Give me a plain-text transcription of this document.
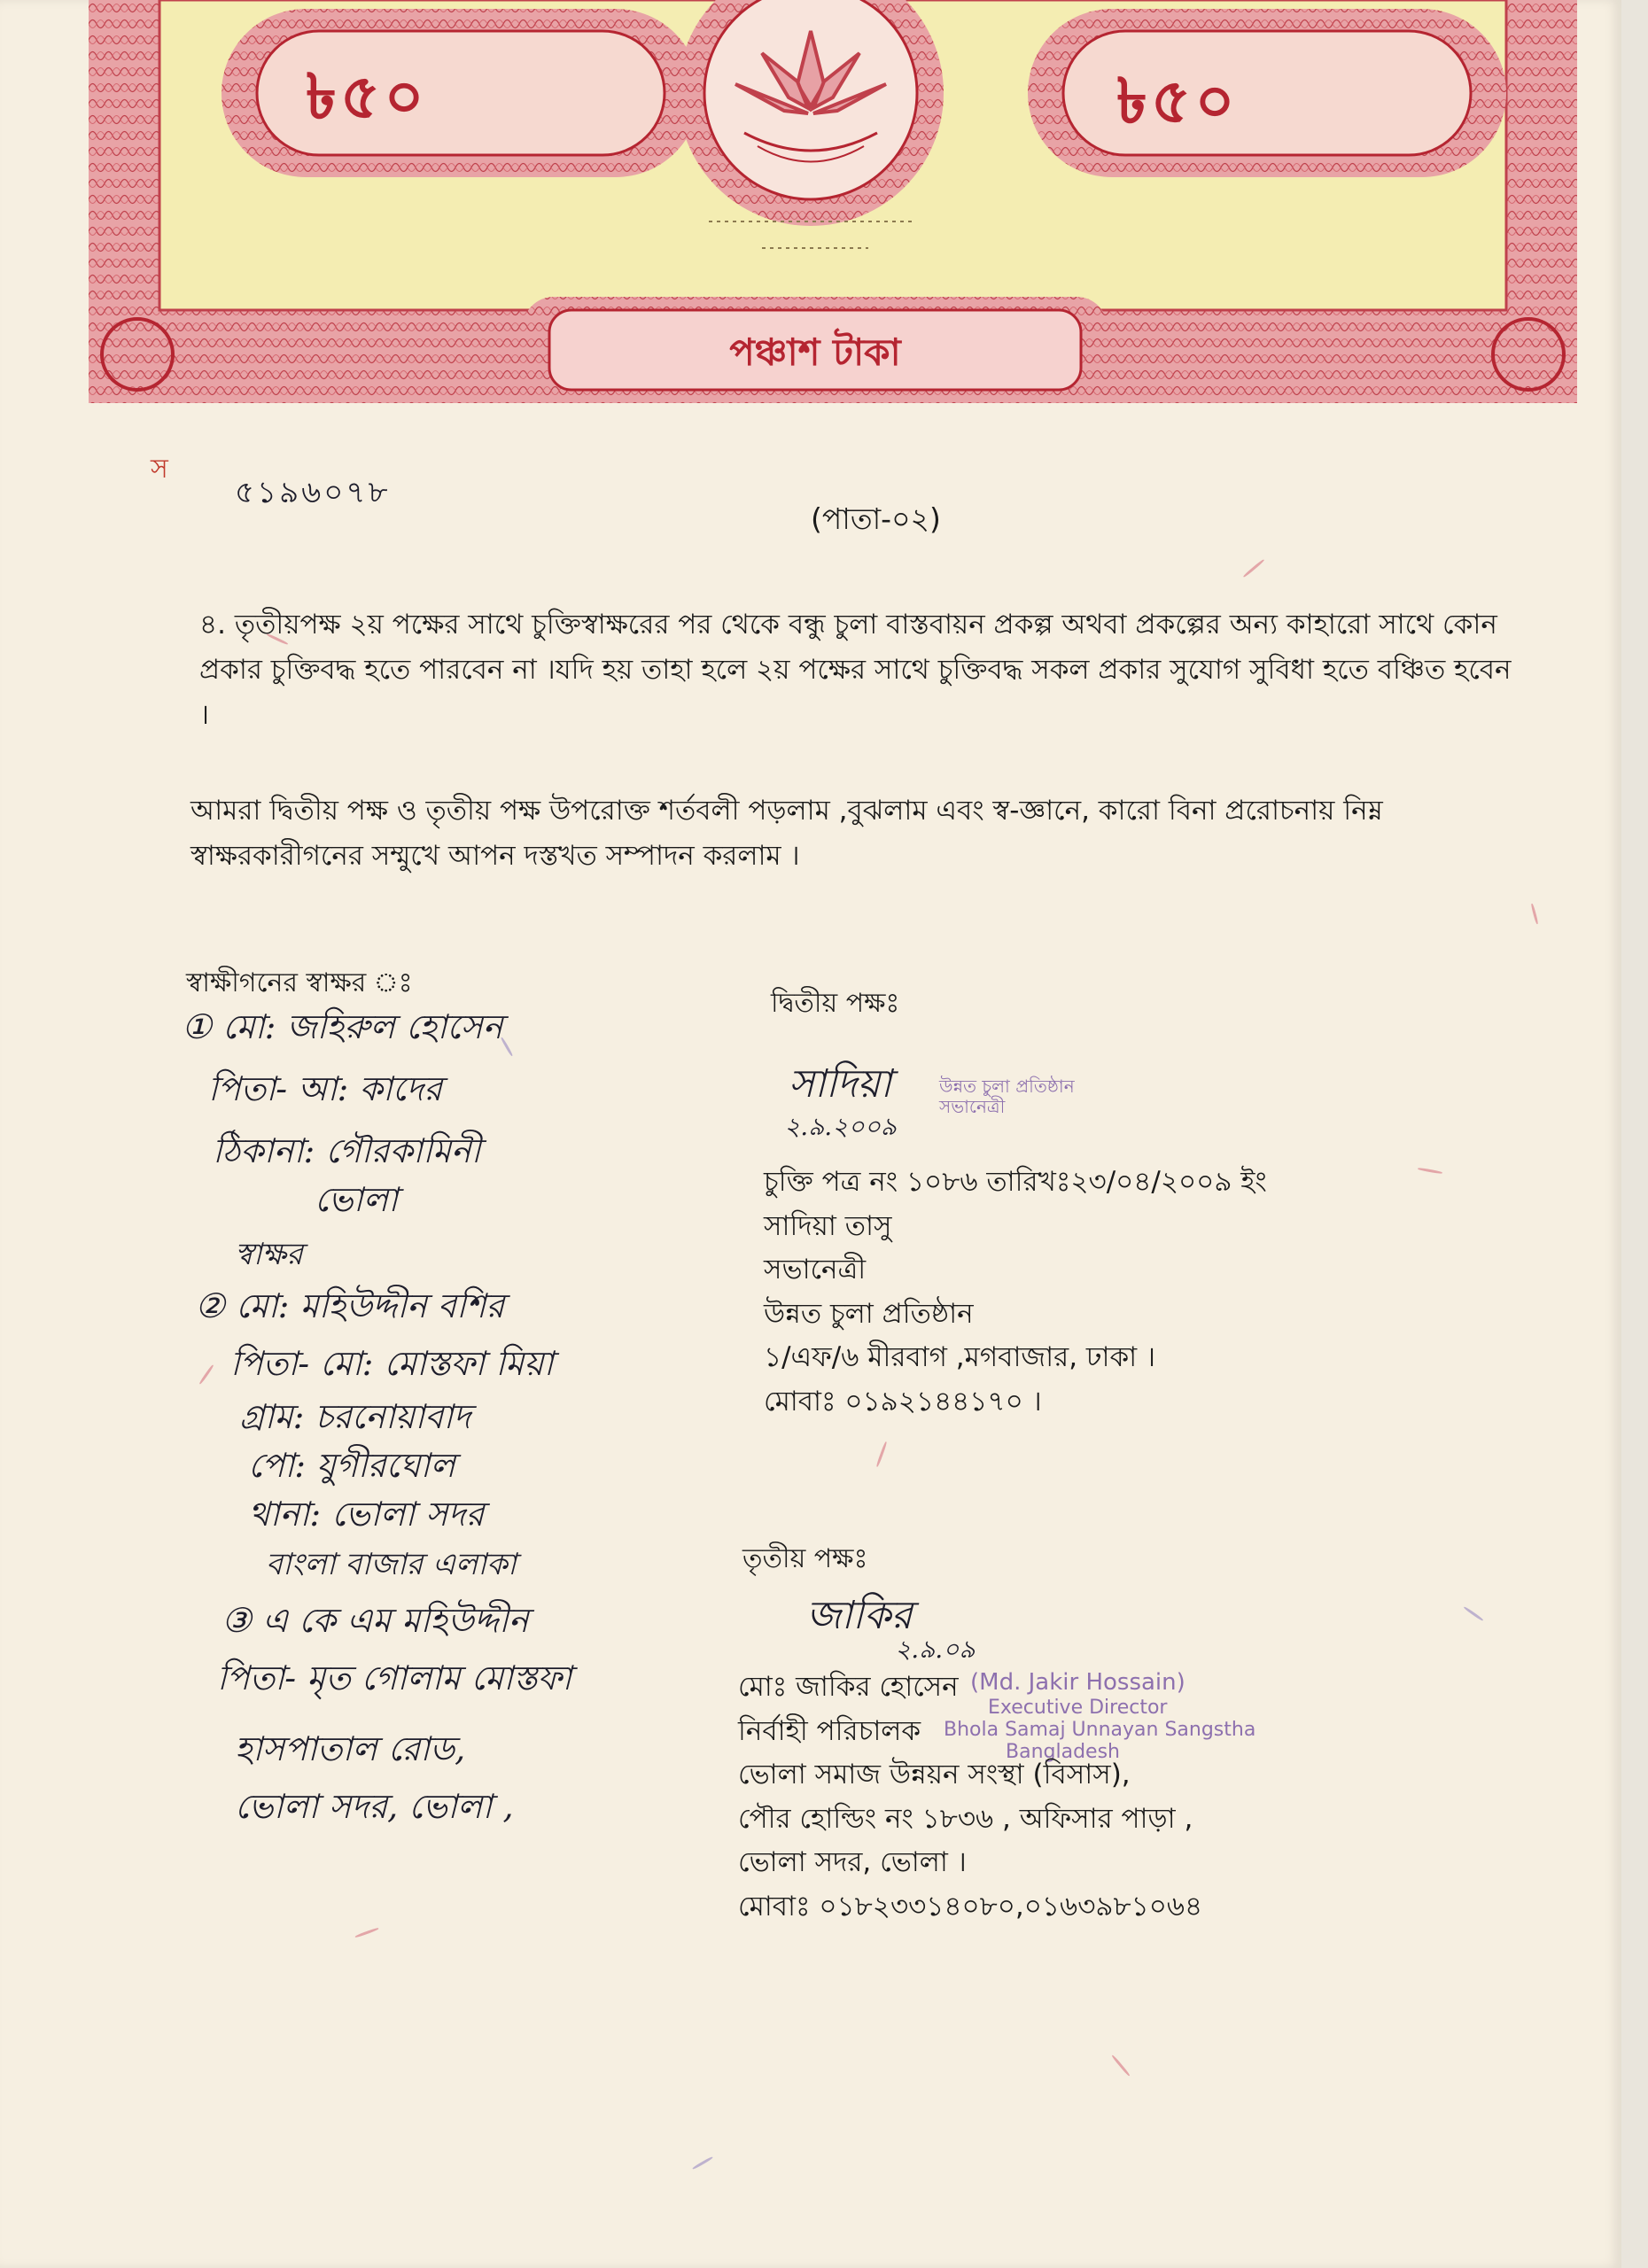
৳৫০	৳৫০
পঞ্চাশ টাকা
স
৫১৯৬০৭৮
(পাতা-০২)
৪. তৃতীয়পক্ষ ২য় পক্ষের সাথে চুক্তিস্বাক্ষরের পর থেকে বন্ধু চুলা বাস্তবায়ন প্রকল্প অথবা প্রকল্পের অন্য কাহারো সাথে কোন প্রকার চুক্তিবদ্ধ হতে পারবেন না ।যদি হয় তাহা হলে ২য় পক্ষের সাথে চুক্তিবদ্ধ সকল প্রকার সুযোগ সুবিধা হতে বঞ্চিত হবেন ।
আমরা দ্বিতীয় পক্ষ ও তৃতীয় পক্ষ উপরোক্ত শর্তবলী পড়লাম ,বুঝলাম এবং স্ব-জ্ঞানে, কারো বিনা প্ররোচনায় নিম্ন স্বাক্ষরকারীগনের সম্মুখে আপন দস্তখত সম্পাদন করলাম ।
স্বাক্ষীগনের স্বাক্ষর ঃ
① মো: জহিরুল হোসেন
পিতা- আ: কাদের
ঠিকানা: গৌরকামিনী
ভোলা
স্বাক্ষর
② মো: মহিউদ্দীন বশির
পিতা- মো: মোস্তফা মিয়া
গ্রাম: চরনোয়াবাদ
পো: যুগীরঘোল
থানা: ভোলা সদর
বাংলা বাজার এলাকা
③ এ কে এম মহিউদ্দীন
পিতা- মৃত গোলাম মোস্তফা
হাসপাতাল রোড,
ভোলা সদর, ভোলা ,
দ্বিতীয় পক্ষঃ
সাদিয়া
২.৯.২০০৯
উন্নত চুলা প্রতিষ্ঠান
সভানেত্রী
চুক্তি পত্র নং ১০৮৬ তারিখঃ২৩/০৪/২০০৯ ইং
সাদিয়া তাসু
সভানেত্রী
উন্নত চুলা প্রতিষ্ঠান
১/এফ/৬ মীরবাগ ,মগবাজার, ঢাকা ।
মোবাঃ ০১৯২১৪৪১৭০ ।
তৃতীয় পক্ষঃ
জাকির
২.৯.০৯
(Md. Jakir Hossain)
Executive Director
Bhola Samaj Unnayan Sangstha
Bangladesh
মোঃ জাকির হোসেন
নির্বাহী পরিচালক
ভোলা সমাজ উন্নয়ন সংস্থা (বিসাস),
পৌর হোল্ডিং নং ১৮৩৬ , অফিসার পাড়া ,
ভোলা সদর, ভোলা ।
মোবাঃ ০১৮২৩৩১৪০৮০,০১৬৩৯৮১০৬৪
